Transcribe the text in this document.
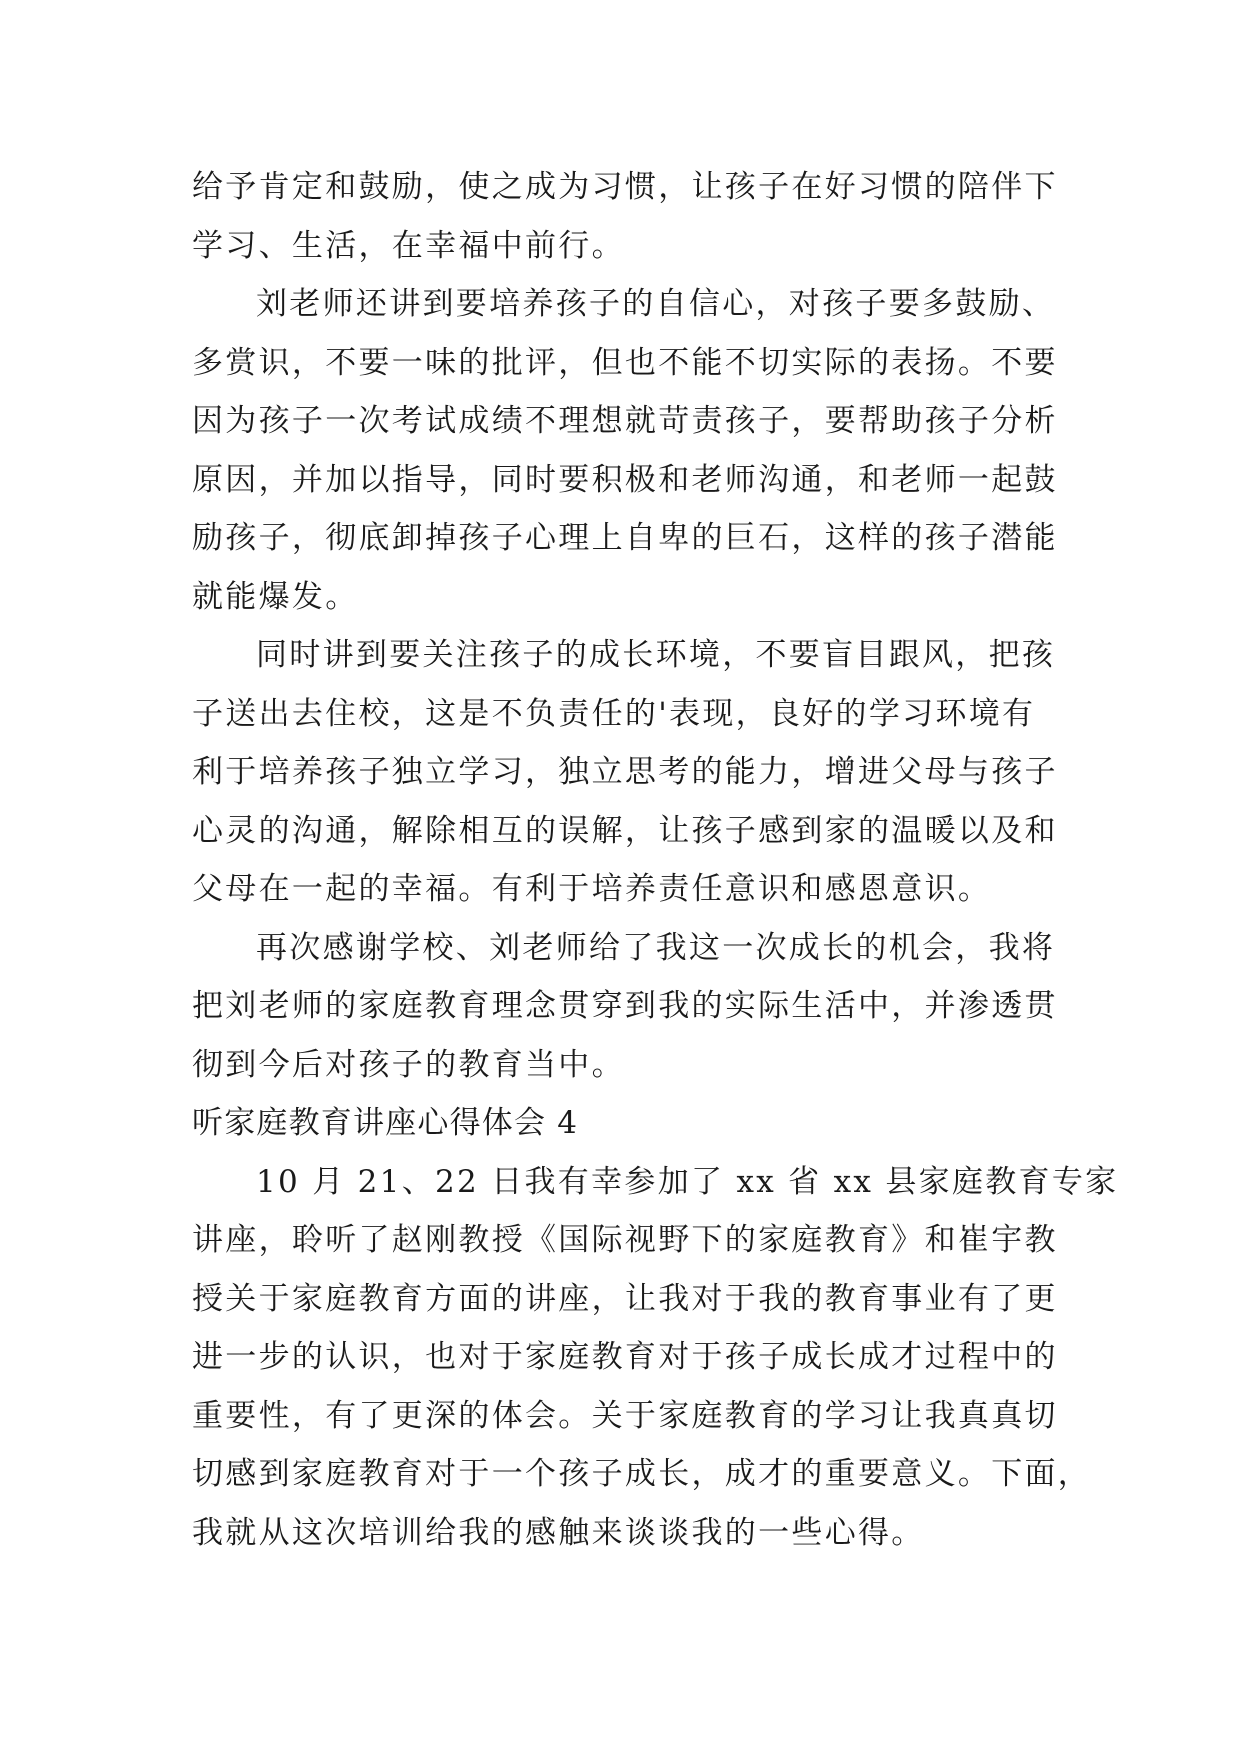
给予肯定和鼓励，使之成为习惯，让孩子在好习惯的陪伴下
学习、生活，在幸福中前行。
刘老师还讲到要培养孩子的自信心，对孩子要多鼓励、
多赏识，不要一味的批评，但也不能不切实际的表扬。不要
因为孩子一次考试成绩不理想就苛责孩子，要帮助孩子分析
原因，并加以指导，同时要积极和老师沟通，和老师一起鼓
励孩子，彻底卸掉孩子心理上自卑的巨石，这样的孩子潜能
就能爆发。
同时讲到要关注孩子的成长环境，不要盲目跟风，把孩
子送出去住校，这是不负责任的'表现，良好的学习环境有
利于培养孩子独立学习，独立思考的能力，增进父母与孩子
心灵的沟通，解除相互的误解，让孩子感到家的温暖以及和
父母在一起的幸福。有利于培养责任意识和感恩意识。
再次感谢学校、刘老师给了我这一次成长的机会，我将
把刘老师的家庭教育理念贯穿到我的实际生活中，并渗透贯
彻到今后对孩子的教育当中。
听家庭教育讲座心得体会 4
10 月 21、22 日我有幸参加了 xx 省 xx 县家庭教育专家
讲座，聆听了赵刚教授《国际视野下的家庭教育》和崔宇教
授关于家庭教育方面的讲座，让我对于我的教育事业有了更
进一步的认识，也对于家庭教育对于孩子成长成才过程中的
重要性，有了更深的体会。关于家庭教育的学习让我真真切
切感到家庭教育对于一个孩子成长，成才的重要意义。下面，
我就从这次培训给我的感触来谈谈我的一些心得。
